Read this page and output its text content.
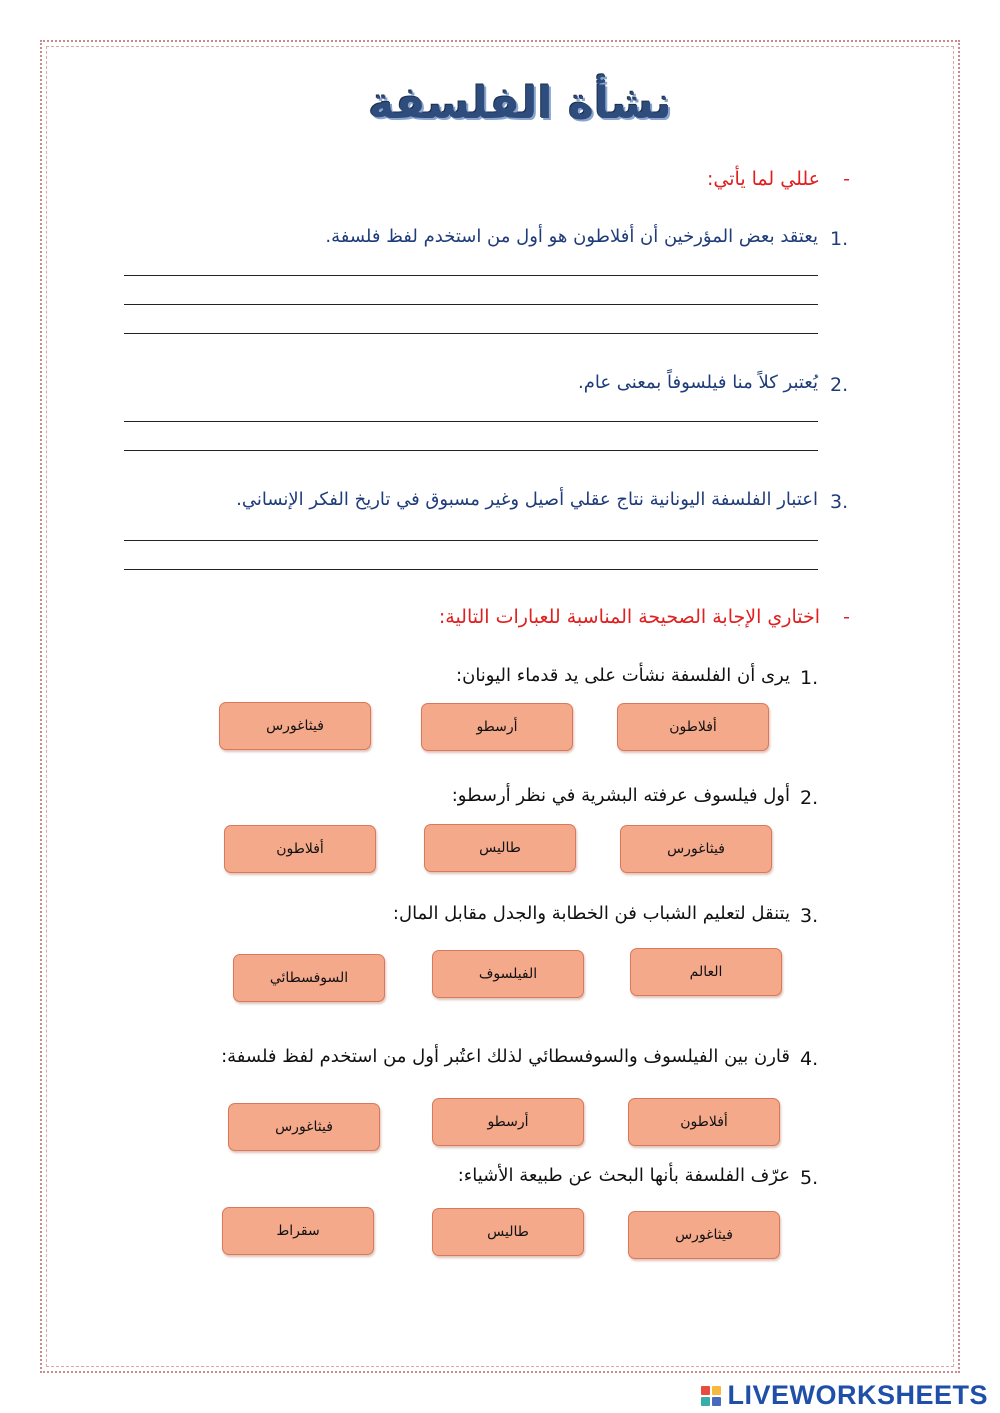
نشأة الفلسفة
-
عللي لما يأتي:
1.
يعتقد بعض المؤرخين أن أفلاطون هو أول من استخدم لفظ فلسفة.
2.
يُعتبر كلاً منا فيلسوفاً بمعنى عام.
3.
اعتبار الفلسفة اليونانية نتاج عقلي أصيل وغير مسبوق في تاريخ الفكر الإنساني.
-
اختاري الإجابة الصحيحة المناسبة للعبارات التالية:
1.
يرى أن الفلسفة نشأت على يد قدماء اليونان:
أفلاطون
أرسطو
فيثاغورس
2.
أول فيلسوف عرفته البشرية في نظر أرسطو:
فيثاغورس
طاليس
أفلاطون
3.
يتنقل لتعليم الشباب فن الخطابة والجدل مقابل المال:
العالم
الفيلسوف
السوفسطائي
4.
قارن بين الفيلسوف والسوفسطائي لذلك اعتُبر أول من استخدم لفظ فلسفة:
أفلاطون
أرسطو
فيثاغورس
5.
عرّف الفلسفة بأنها البحث عن طبيعة الأشياء:
فيثاغورس
طاليس
سقراط
LIVEWORKSHEETS
